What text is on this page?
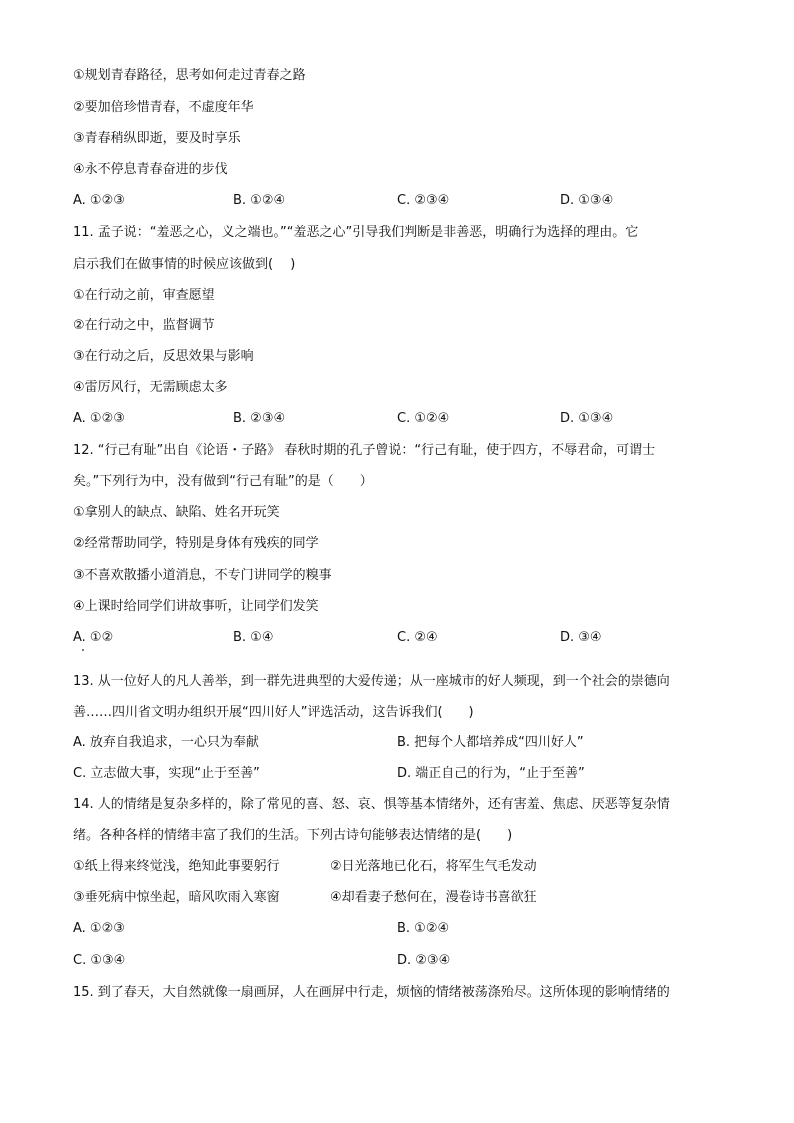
①规划青春路径，思考如何走过青春之路
②要加倍珍惜青春，不虚度年华
③青春稍纵即逝，要及时享乐
④永不停息青春奋进的步伐
A. ①②③	B. ①②④	C. ②③④	D. ①③④
11. 孟子说：“羞恶之心，义之端也。”“羞恶之心”引导我们判断是非善恶，明确行为选择的理由。它
启示我们在做事情的时候应该做到(　 )
①在行动之前，审查愿望
②在行动之中，监督调节
③在行动之后，反思效果与影响
④雷厉风行，无需顾虑太多
A. ①②③	B. ②③④	C. ①②④	D. ①③④
12. “行己有耻”出自《论语・子路》 春秋时期的孔子曾说：“行己有耻，使于四方，不辱君命，可谓士
矣。”下列行为中，没有做到“行己有耻”的是（　　）
①拿别人的缺点、缺陷、姓名开玩笑
②经常帮助同学，特别是身体有残疾的同学
③不喜欢散播小道消息，不专门讲同学的糗事
④上课时给同学们讲故事听，让同学们发笑
A. ①②	B. ①④	C. ②④	D. ③④
13. 从一位好人的凡人善举，到一群先进典型的大爱传递；从一座城市的好人频现，到一个社会的崇德向
善……四川省文明办组织开展“四川好人”评选活动，这告诉我们(　　)
A. 放弃自我追求，一心只为奉献	B. 把每个人都培养成“四川好人”
C. 立志做大事，实现“止于至善”	D. 端正自己的行为，“止于至善”
14. 人的情绪是复杂多样的，除了常见的喜、怒、哀、惧等基本情绪外，还有害羞、焦虑、厌恶等复杂情
绪。各种各样的情绪丰富了我们的生活。下列古诗句能够表达情绪的是(　　)
①纸上得来终觉浅，绝知此事要躬行	②日光落地已化石，将军生气毛发动
③垂死病中惊坐起，暗风吹雨入寒窗	④却看妻子愁何在，漫卷诗书喜欲狂
A. ①②③	B. ①②④
C. ①③④	D. ②③④
15. 到了春天，大自然就像一扇画屏，人在画屏中行走，烦恼的情绪被荡涤殆尽。这所体现的影响情绪的
